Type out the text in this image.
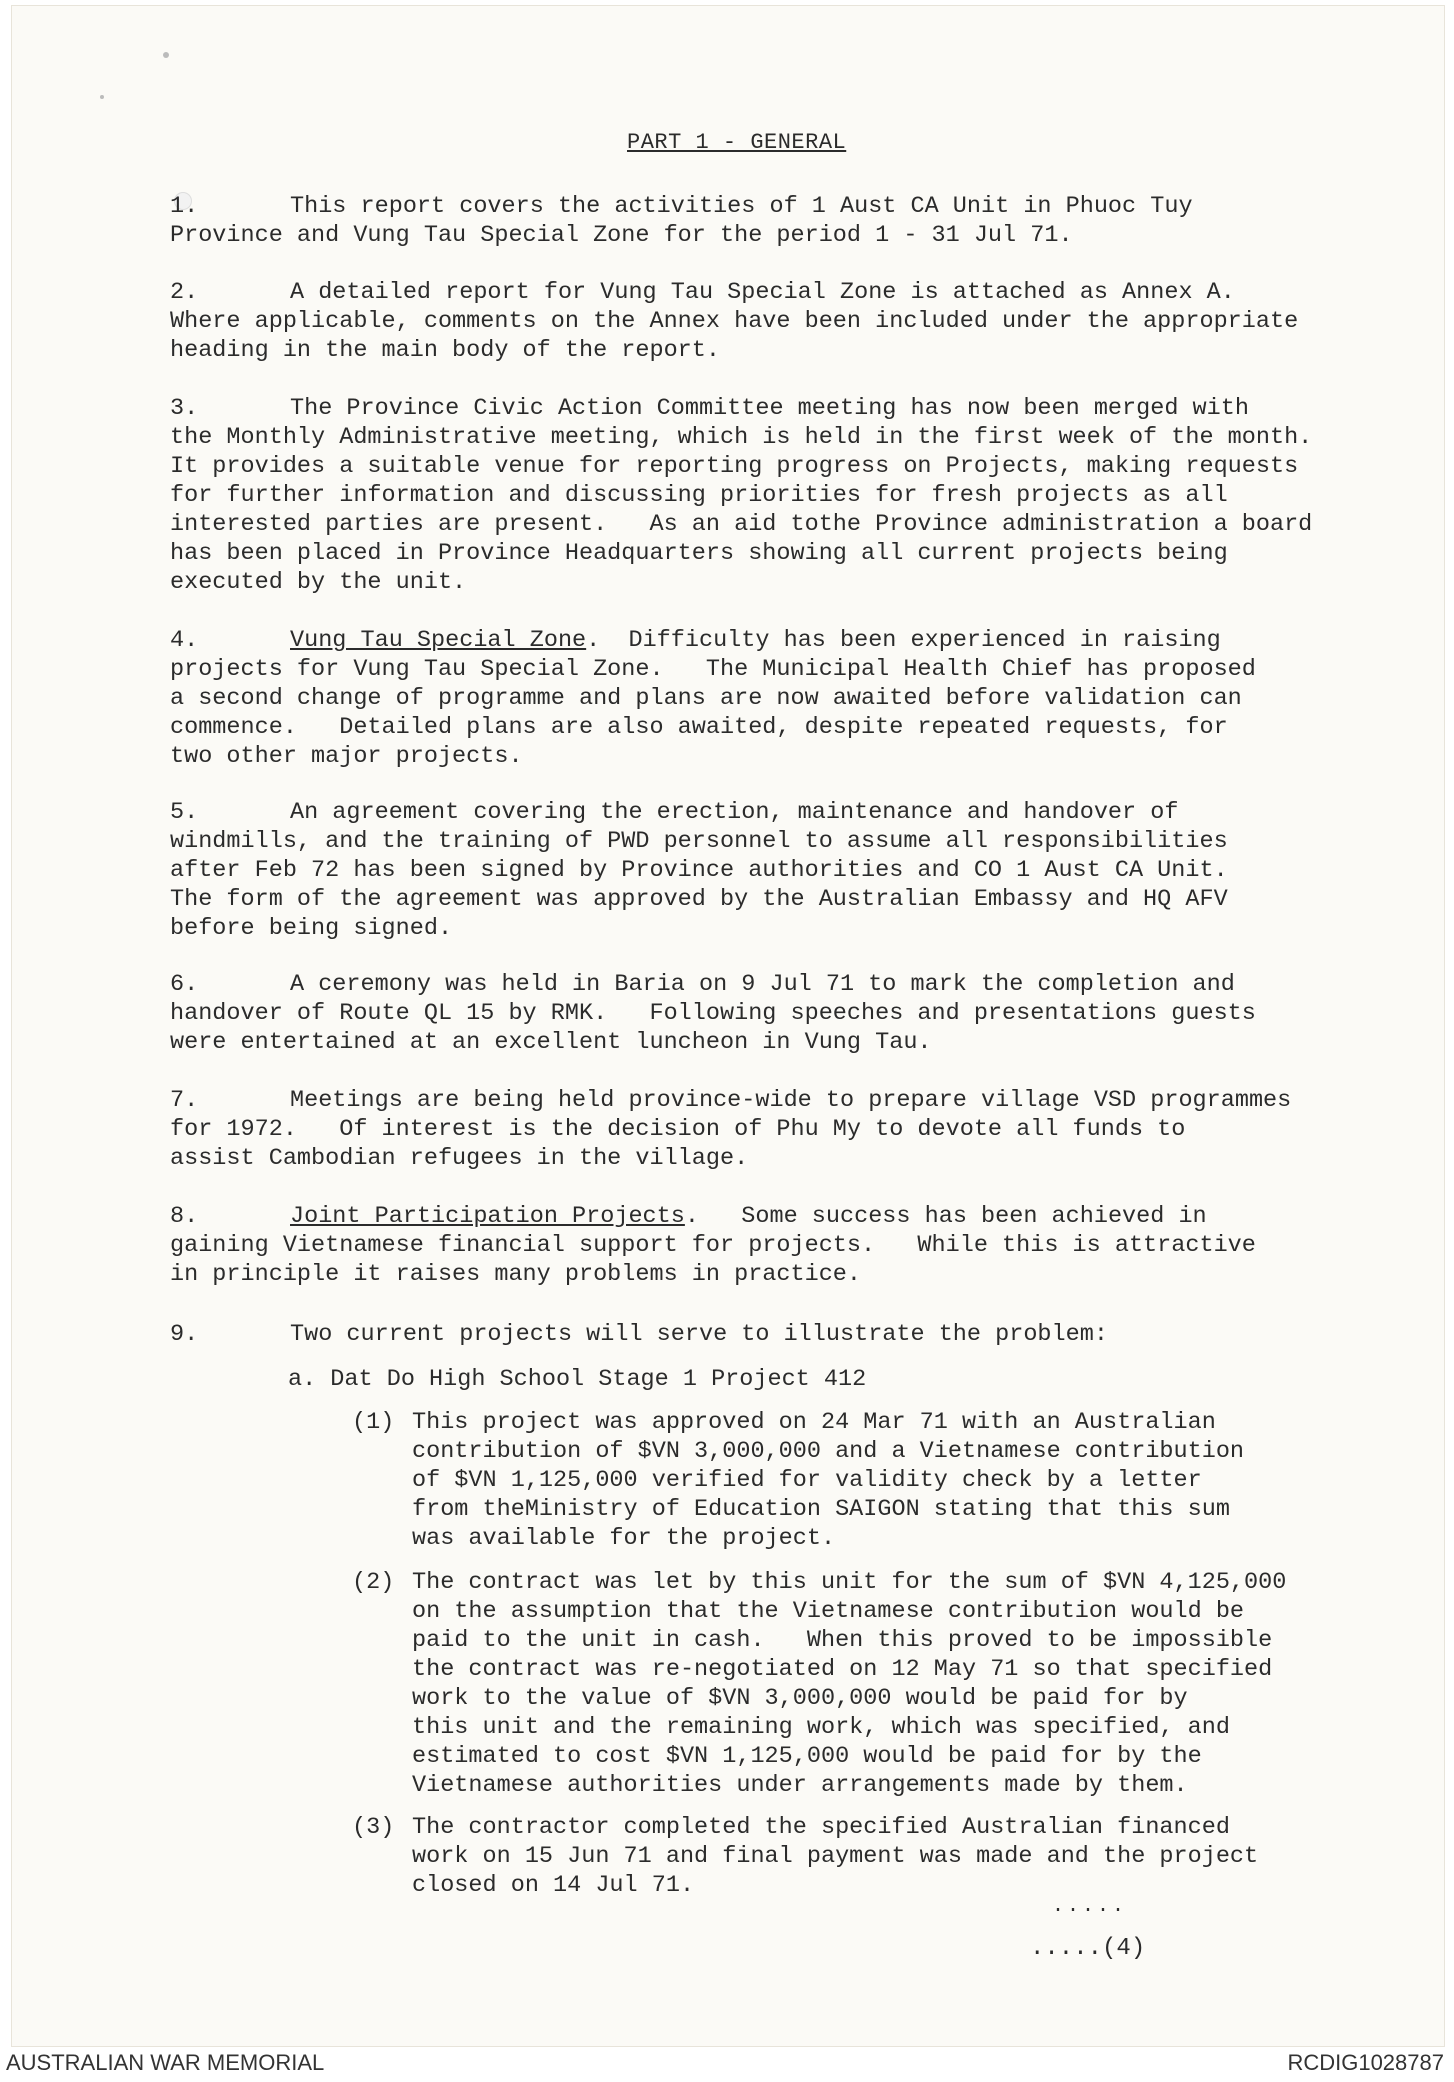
PART 1 - GENERAL
1.	This report covers the activities of 1 Aust CA Unit in Phuoc Tuy
Province and Vung Tau Special Zone for the period 1 - 31 Jul 71.
2.	A detailed report for Vung Tau Special Zone is attached as Annex A.
Where applicable, comments on the Annex have been included under the appropriate
heading in the main body of the report.
3.	The Province Civic Action Committee meeting has now been merged with
the Monthly Administrative meeting, which is held in the first week of the month.
It provides a suitable venue for reporting progress on Projects, making requests
for further information and discussing priorities for fresh projects as all
interested parties are present.   As an aid tothe Province administration a board
has been placed in Province Headquarters showing all current projects being
executed by the unit.
4.	Vung Tau Special Zone.  Difficulty has been experienced in raising
projects for Vung Tau Special Zone.   The Municipal Health Chief has proposed
a second change of programme and plans are now awaited before validation can
commence.   Detailed plans are also awaited, despite repeated requests, for
two other major projects.
5.	An agreement covering the erection, maintenance and handover of
windmills, and the training of PWD personnel to assume all responsibilities
after Feb 72 has been signed by Province authorities and CO 1 Aust CA Unit.
The form of the agreement was approved by the Australian Embassy and HQ AFV
before being signed.
6.	A ceremony was held in Baria on 9 Jul 71 to mark the completion and
handover of Route QL 15 by RMK.   Following speeches and presentations guests
were entertained at an excellent luncheon in Vung Tau.
7.	Meetings are being held province-wide to prepare village VSD programmes
for 1972.   Of interest is the decision of Phu My to devote all funds to
assist Cambodian refugees in the village.
8.	Joint Participation Projects.   Some success has been achieved in
gaining Vietnamese financial support for projects.   While this is attractive
in principle it raises many problems in practice.
9.	Two current projects will serve to illustrate the problem:
a. Dat Do High School Stage 1 Project 412
(1) This project was approved on 24 Mar 71 with an Australian
contribution of $VN 3,000,000 and a Vietnamese contribution
of $VN 1,125,000 verified for validity check by a letter
from theMinistry of Education SAIGON stating that this sum
was available for the project.
(2) The contract was let by this unit for the sum of $VN 4,125,000
on the assumption that the Vietnamese contribution would be
paid to the unit in cash.   When this proved to be impossible
the contract was re-negotiated on 12 May 71 so that specified
work to the value of $VN 3,000,000 would be paid for by
this unit and the remaining work, which was specified, and
estimated to cost $VN 1,125,000 would be paid for by the
Vietnamese authorities under arrangements made by them.
(3) The contractor completed the specified Australian financed
work on 15 Jun 71 and final payment was made and the project
closed on 14 Jul 71.
.....
.....(4)
AUSTRALIAN WAR MEMORIAL	RCDIG1028787
